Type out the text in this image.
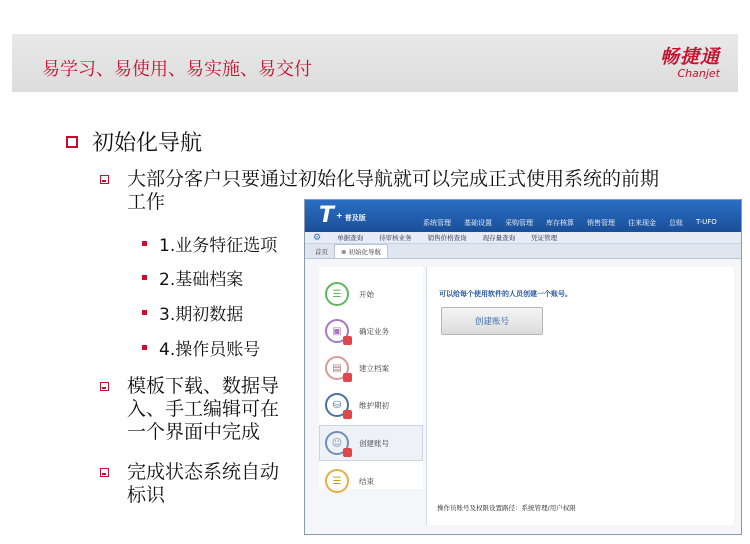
易学习、易使用、易实施、易交付
畅捷通
Chanjet
初始化导航
大部分客户只要通过初始化导航就可以完成正式使用系统的前期
工作
1.业务特征选项
2.基础档案
3.期初数据
4.操作员账号
模板下载、数据导
入、手工编辑可在
一个界面中完成
完成状态系统自动
标识
T + 普及版
系统管理 基础设置 采购管理 库存核算 销售管理 往来现金 总账 T-UFO
⚙ 单据查询 待审核业务 销售价格查询 现存量查询 凭证管理
首页	⊗ 初始化导航
☰	开始
▣	确定业务
▤	建立档案
⛁	维护期初
☺	创建账号
☰	结束
可以给每个使用软件的人员创建一个账号。
创建账号
操作员账号及权限设置路径：系统管理/用户权限
